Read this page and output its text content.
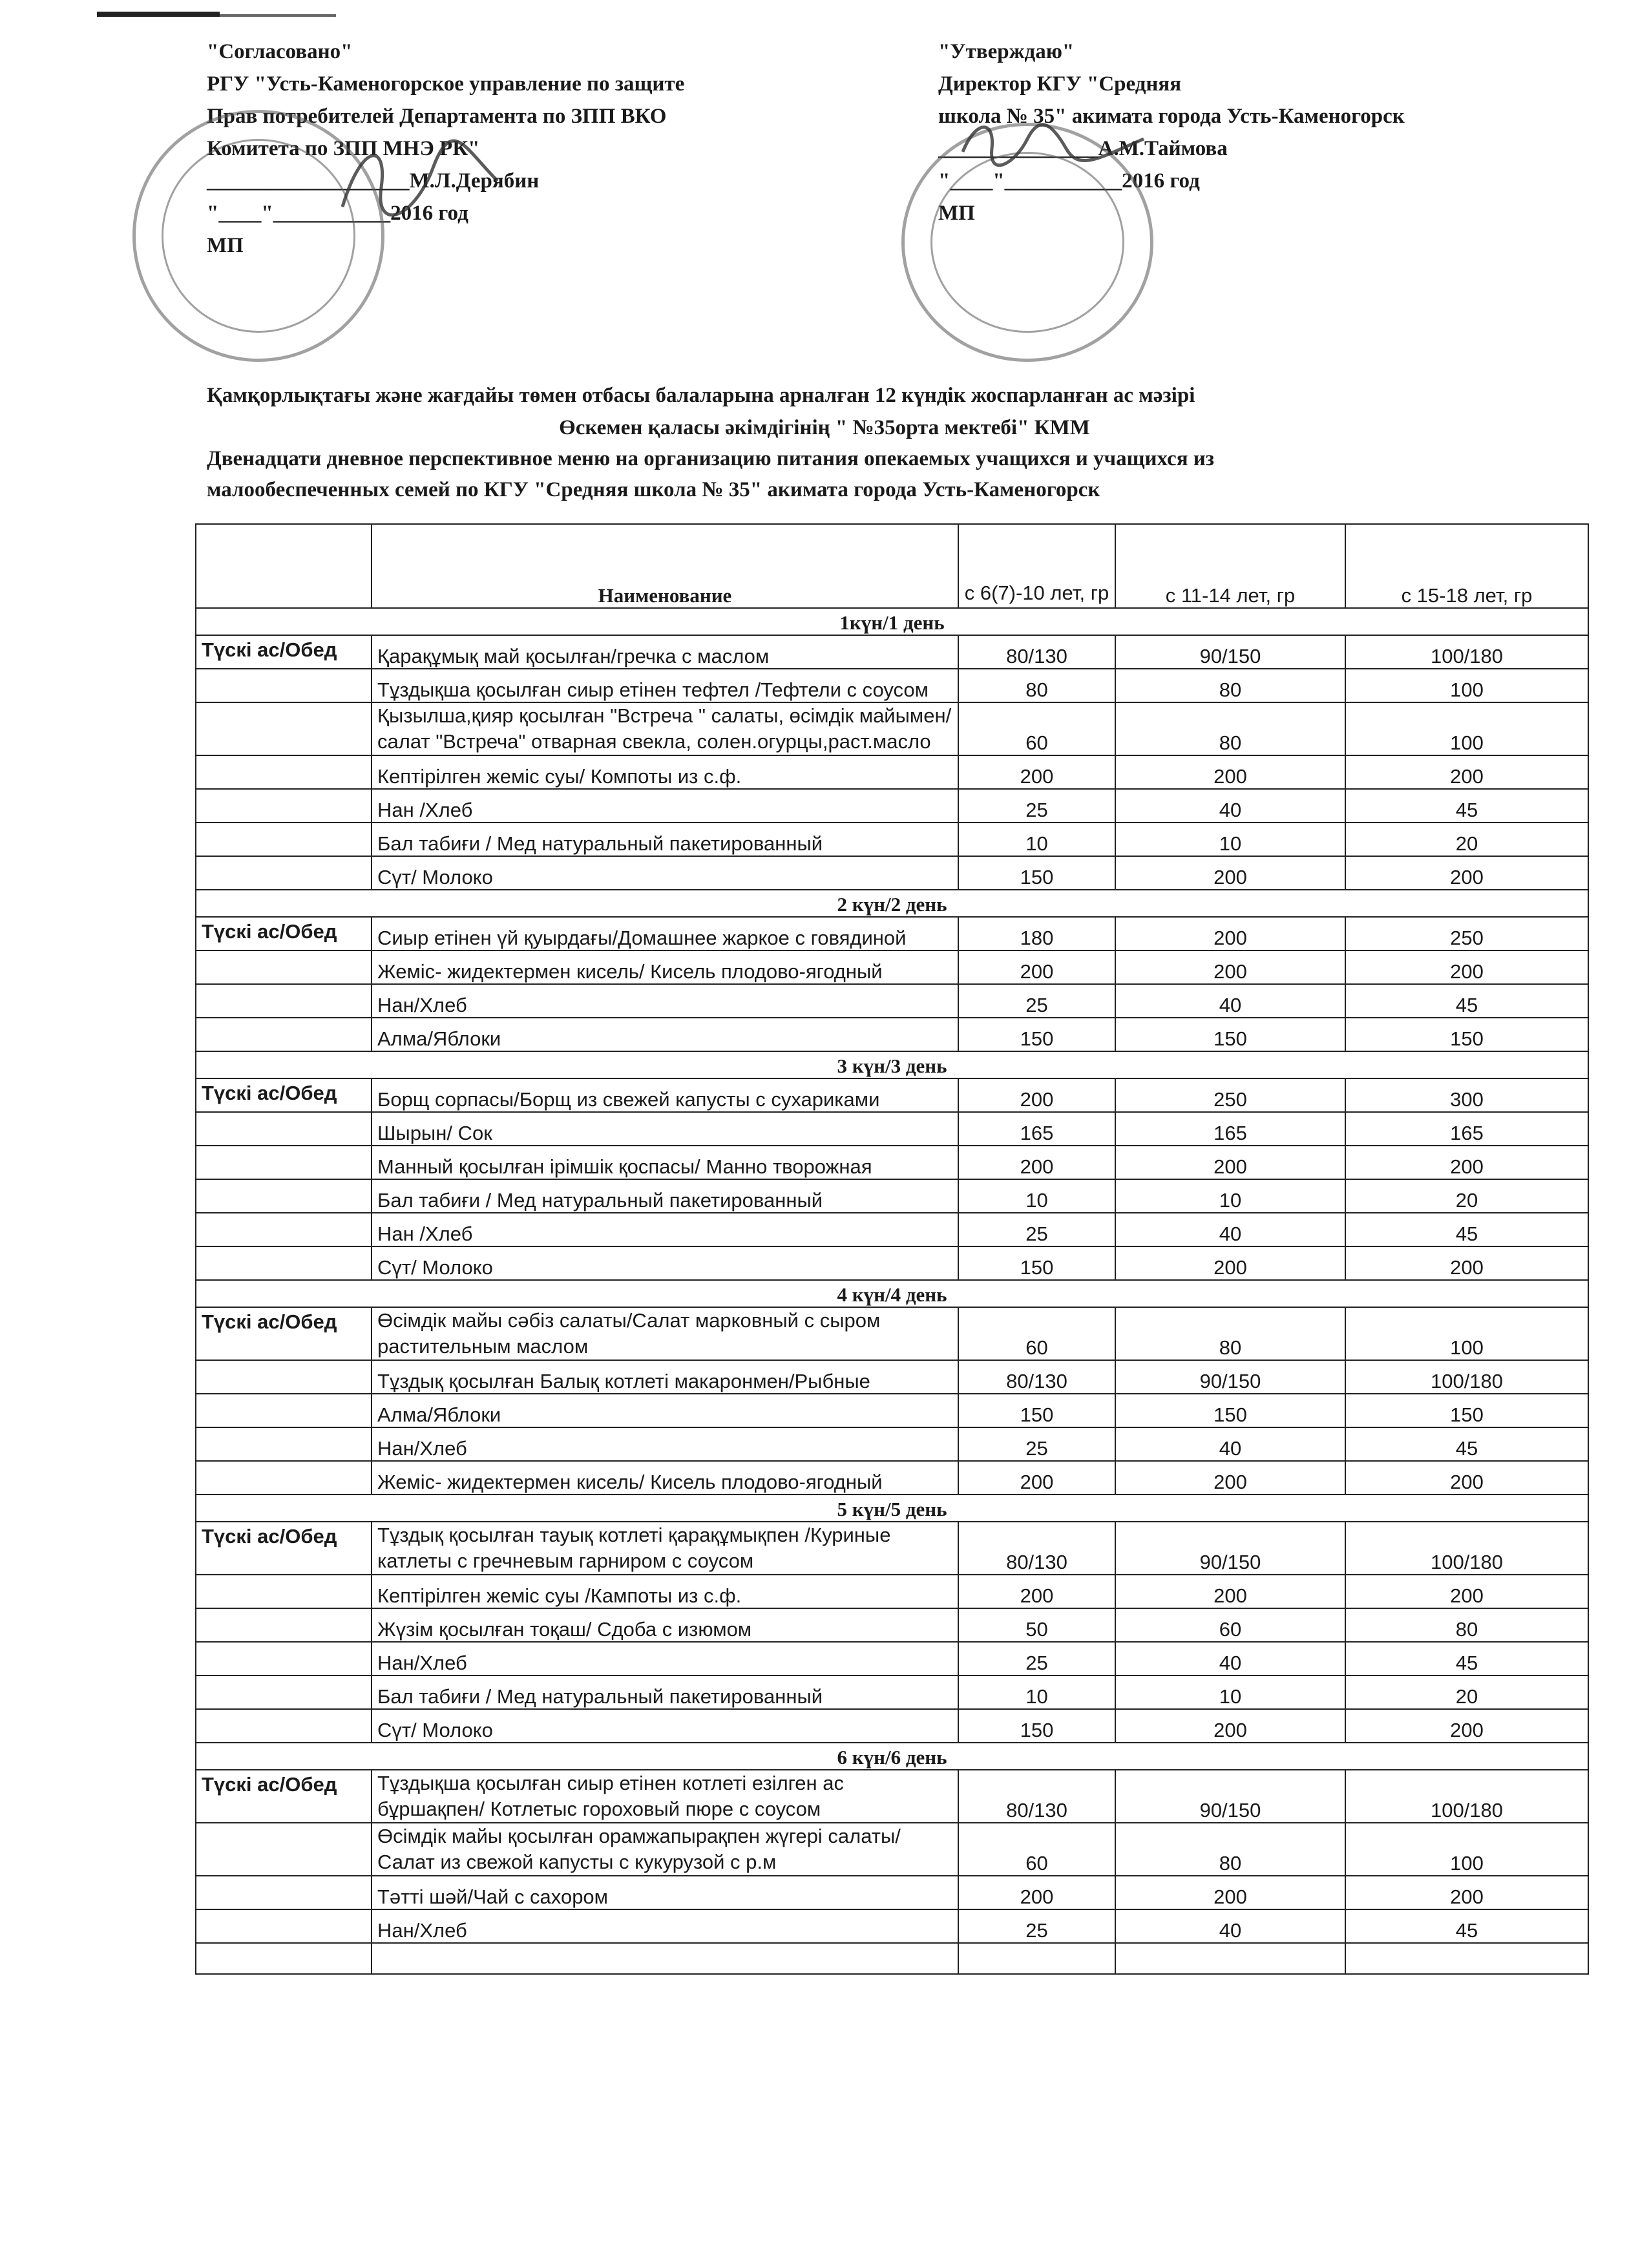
"Согласовано"
РГУ "Усть-Каменогорское управление по защите
Прав потребителей Департамента по ЗПП ВКО
Комитета по ЗПП МНЭ РК"
___________________М.Л.Дерябин
"____"___________2016 год
МП
"Утверждаю"
Директор КГУ "Средняя
школа № 35" акимата города Усть-Каменогорск
_______________А.М.Таймова
"____"___________2016 год
МП
Қамқорлықтағы және жағдайы төмен отбасы балаларына арналған 12 күндік жоспарланған ас мәзірі
Өскемен қаласы әкімдігінің " №35орта мектебі" КММ
Двенадцати дневное перспективное меню на организацию питания опекаемых учащихся и учащихся из
малообеспеченных семей по КГУ "Средняя школа № 35" акимата города Усть-Каменогорск
	Наименование	с 6(7)-10 лет, гр	с 11-14 лет, гр	с 15-18 лет, гр
1күн/1 день				
Түскі ас/Обед	Қарақұмық май қосылған/гречка с маслом	80/130	90/150	100/180
	Тұздықша қосылған сиыр етінен тефтел /Тефтели с соусом	80	80	100
	Қызылша,қияр қосылған "Встреча " салаты, өсімдік майымен/ салат "Встреча" отварная свекла, солен.огурцы,раст.масло	60	80	100
	Кептірілген жеміс суы/ Компоты из с.ф.	200	200	200
	Нан /Хлеб	25	40	45
	Бал табиғи / Мед натуральный пакетированный	10	10	20
	Сүт/ Молоко	150	200	200
2 күн/2 день				
Түскі ас/Обед	Сиыр етінен үй қуырдағы/Домашнее жаркое с говядиной	180	200	250
	Жеміс- жидектермен кисель/ Кисель плодово-ягодный	200	200	200
	Нан/Хлеб	25	40	45
	Алма/Яблоки	150	150	150
3 күн/3 день				
Түскі ас/Обед	Борщ сорпасы/Борщ из свежей капусты с сухариками	200	250	300
	Шырын/ Сок	165	165	165
	Манный қосылған ірімшік қоспасы/ Манно творожная	200	200	200
	Бал табиғи / Мед натуральный пакетированный	10	10	20
	Нан /Хлеб	25	40	45
	Сүт/ Молоко	150	200	200
4 күн/4 день				
Түскі ас/Обед	Өсімдік майы сәбіз салаты/Салат марковный с сыром растительным маслом	60	80	100
	Тұздық қосылған Балық котлеті макаронмен/Рыбные	80/130	90/150	100/180
	Алма/Яблоки	150	150	150
	Нан/Хлеб	25	40	45
	Жеміс- жидектермен кисель/ Кисель плодово-ягодный	200	200	200
5 күн/5 день				
Түскі ас/Обед	Тұздық қосылған тауық котлеті қарақұмықпен /Куриные катлеты с гречневым гарниром с соусом	80/130	90/150	100/180
	Кептірілген жеміс суы /Кампоты из с.ф.	200	200	200
	Жүзім қосылған тоқаш/ Сдоба с изюмом	50	60	80
	Нан/Хлеб	25	40	45
	Бал табиғи / Мед натуральный пакетированный	10	10	20
	Сүт/ Молоко	150	200	200
6 күн/6 день				
Түскі ас/Обед	Тұздықша қосылған сиыр етінен котлеті езілген ас бұршақпен/ Котлетыс гороховый пюре с соусом	80/130	90/150	100/180
	Өсімдік майы қосылған орамжапырақпен жүгері салаты/Салат из свежой капусты с кукурузой с р.м	60	80	100
	Тәтті шәй/Чай с сахором	200	200	200
	Нан/Хлеб	25	40	45
